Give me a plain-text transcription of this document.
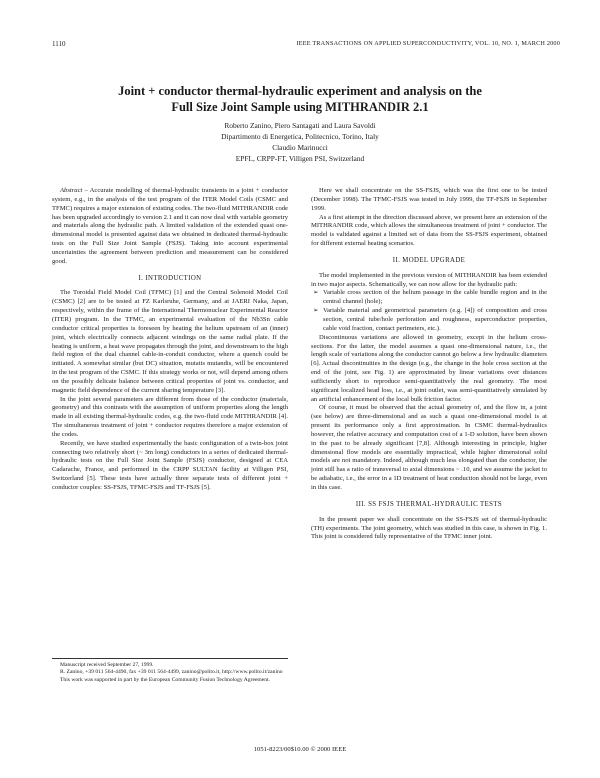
1110	IEEE TRANSACTIONS ON APPLIED SUPERCONDUCTIVITY, VOL. 10, NO. 1, MARCH 2000
Joint + conductor thermal-hydraulic experiment and analysis on the
Full Size Joint Sample using MITHRANDIR 2.1
Roberto Zanino, Piero Santagati and Laura Savoldi
Dipartimento di Energetica, Politecnico, Torino, Italy
Claudio Marinucci
EPFL, CRPP-FT, Villigen PSI, Switzerland

Abstract – Accurate modelling of thermal-hydraulic transients in a joint + conductor system, e.g., in the analysis of the test program of the ITER Model Coils (CSMC and TFMC) requires a major extension of existing codes. The two-fluid MITHRANDIR code has been upgraded accordingly to version 2.1 and it can now deal with variable geometry and materials along the hydraulic path. A limited validation of the extended quasi one-dimensional model is presented against data we obtained in dedicated thermal-hydraulic tests on the Full Size Joint Sample (FSJS). Taking into account experimental uncertainties the agreement between prediction and measurement can be considered good.

I. INTRODUCTION

The Toroidal Field Model Coil (TFMC) [1] and the Central Solenoid Model Coil (CSMC) [2] are to be tested at FZ Karlsruhe, Germany, and at JAERI Naka, Japan, respectively, within the frame of the International Thermonuclear Experimental Reactor (ITER) program. In the TFMC, an experimental evaluation of the Nb3Sn cable conductor critical properties is foreseen by heating the helium upstream of an (inner) joint, which electrically connects adjacent windings on the same radial plate. If the heating is uniform, a heat wave propagates through the joint, and downstream to the high field region of the dual channel cable-in-conduit conductor, where a quench could be initiated. A somewhat similar (but DC) situation, mutatis mutandis, will be encountered in the test program of the CSMC. If this strategy works or not, will depend among others on the possibly delicate balance between critical properties of joint vs. conductor, and magnetic field dependence of the current sharing temperature [3].

In the joint several parameters are different from those of the conductor (materials, geometry) and this contrasts with the assumption of uniform properties along the length made in all existing thermal-hydraulic codes, e.g. the two-fluid code MITHRANDIR [4]. The simultaneous treatment of joint + conductor requires therefore a major extension of the codes.

Recently, we have studied experimentally the basic configuration of a twin-box joint connecting two relatively short (~ 3m long) conductors in a series of dedicated thermal-hydraulic tests on the Full Size Joint Sample (FSJS) conductor, designed at CEA Cadarache, France, and performed in the CRPP SULTAN facility at Villigen PSI, Switzerland [5]. These tests have actually three separate tests of different joint + conductor couples: SS-FSJS, TFMC-FSJS and TF-FSJS [5].

Manuscript received September 27, 1999.
R. Zanino, +39 011 564-4490, fax +39 011 564-4499, zanino@polito.it, http://www.polito.it/zanino
This work was supported in part by the European Community Fusion Technology Agreement.

Here we shall concentrate on the SS-FSJS, which was the first one to be tested (December 1998). The TFMC-FSJS was tested in July 1999, the TF-FSJS in September 1999.

As a first attempt in the direction discussed above, we present here an extension of the MITHRANDIR code, which allows the simultaneous treatment of joint + conductor. The model is validated against a limited set of data from the SS-FSJS experiment, obtained for different external heating scenarios.

II. MODEL UPGRADE

The model implemented in the previous version of MITHRANDIR has been extended in two major aspects. Schematically, we can now allow for the hydraulic path:

➢ Variable cross section of the helium passage in the cable bundle region and in the central channel (hole);
➢ Variable material and geometrical parameters (e.g. [4]) of composition and cross section, central tube/hole perforation and roughness, superconductor properties, cable void fraction, contact perimeters, etc.).

Discontinuous variations are allowed in geometry, except in the helium cross-sections. For the latter, the model assumes a quasi one-dimensional nature, i.e., the length scale of variations along the conductor cannot go below a few hydraulic diameters [6]. Actual discontinuities in the design (e.g., the change in the hole cross section at the end of the joint, see Fig. 1) are approximated by linear variations over distances sufficiently short to reproduce semi-quantitatively the real geometry. The most significant localized head loss, i.e., at joint outlet, was semi-quantitatively simulated by an artificial enhancement of the local bulk friction factor.

Of course, it must be observed that the actual geometry of, and the flow in, a joint (see below) are three-dimensional and as such a quasi one-dimensional model is at present its performance only a first approximation. In CSMC thermal-hydraulics however, the relative accuracy and computation cost of a 1-D solution, have been shown in the past to be already significant [7,8]. Although interesting in principle, higher dimensional flow models are essentially impractical, while higher dimensional solid models are not mandatory. Indeed, although much less elongated than the conductor, the joint still has a ratio of transversal to axial dimensions ~ .10, and we assume the jacket to be adiabatic, i.e., the error in a 1D treatment of heat conduction should not be large, even in this case.

III. SS FSJS THERMAL-HYDRAULIC TESTS

In the present paper we shall concentrate on the SS-FSJS set of thermal-hydraulic (TH) experiments. The joint geometry, which was studied in this case, is shown in Fig. 1. This joint is considered fully representative of the TFMC inner joint.

1051-8223/00$10.00 © 2000 IEEE
